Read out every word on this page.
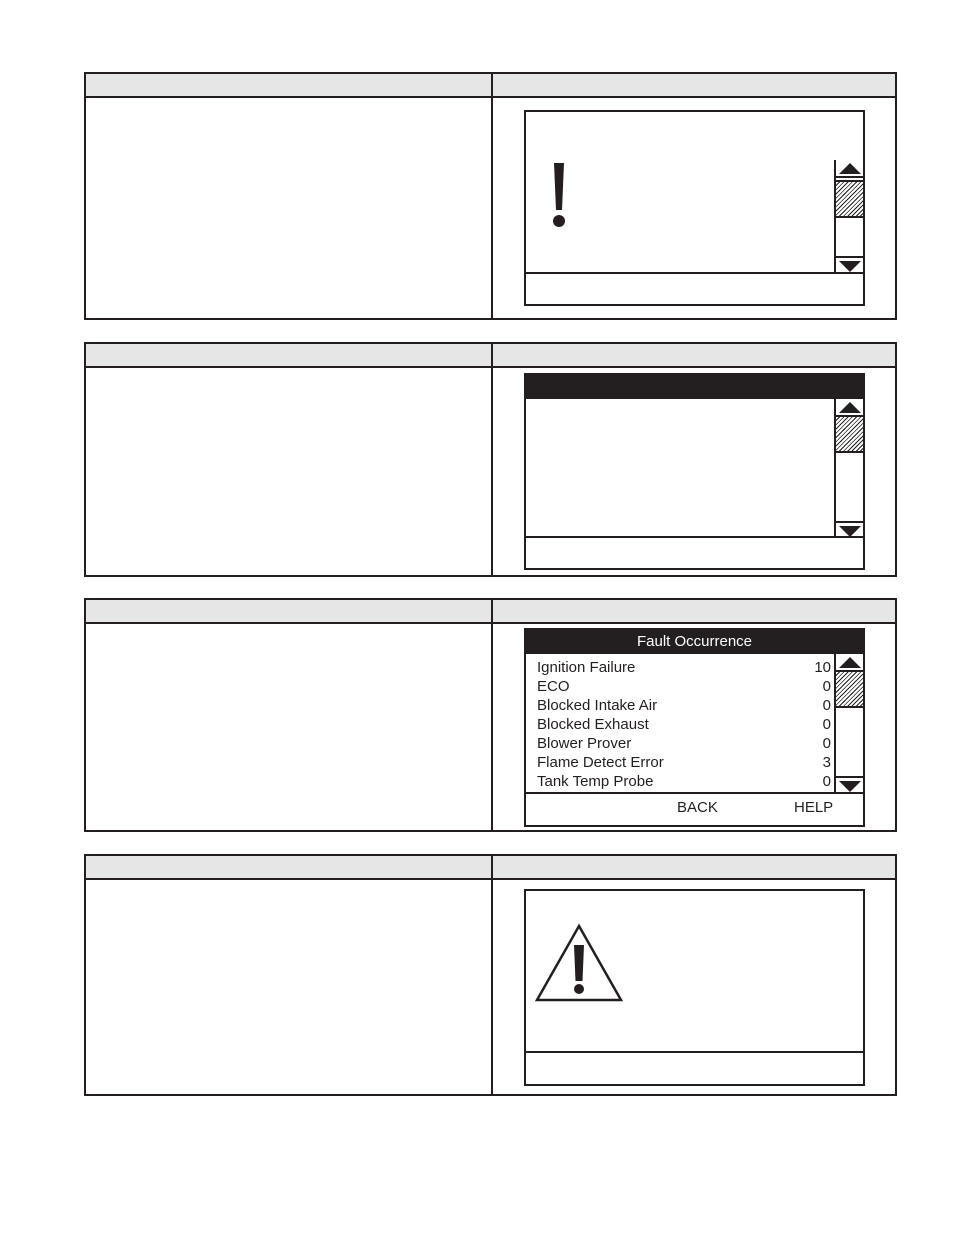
Fault Occurrence
Ignition Failure	10
ECO	0
Blocked Intake Air	0
Blocked Exhaust	0
Blower Prover	0
Flame Detect Error	3
Tank Temp Probe	0
BACK	HELP
